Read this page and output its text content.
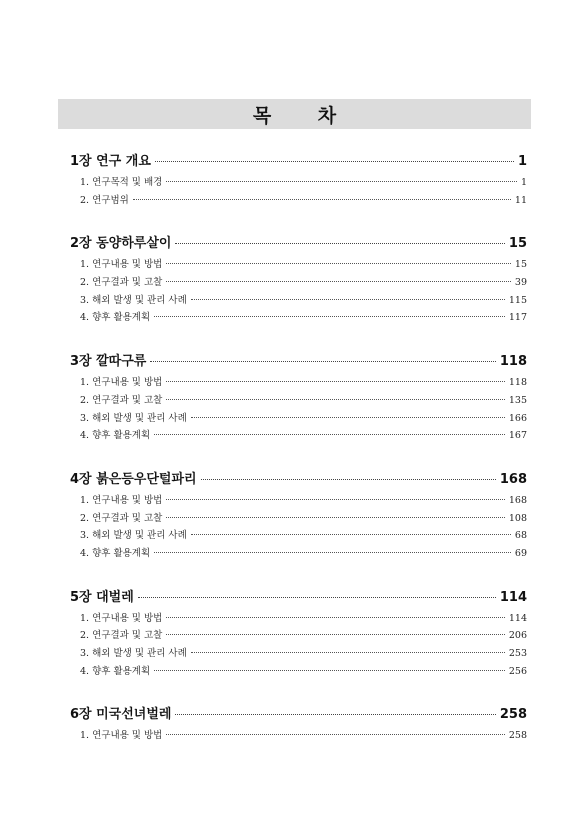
목 차
1장 연구 개요	1
1. 연구목적 및 배경	1
2. 연구범위	11
2장 동양하루살이	15
1. 연구내용 및 방법	15
2. 연구결과 및 고찰	39
3. 해외 발생 및 관리 사례	115
4. 향후 활용계획	117
3장 깔따구류	118
1. 연구내용 및 방법	118
2. 연구결과 및 고찰	135
3. 해외 발생 및 관리 사례	166
4. 향후 활용계획	167
4장 붉은등우단털파리	168
1. 연구내용 및 방법	168
2. 연구결과 및 고찰	108
3. 해외 발생 및 관리 사례	68
4. 향후 활용계획	69
5장 대벌레	114
1. 연구내용 및 방법	114
2. 연구결과 및 고찰	206
3. 해외 발생 및 관리 사례	253
4. 향후 활용계획	256
6장 미국선녀벌레	258
1. 연구내용 및 방법	258
